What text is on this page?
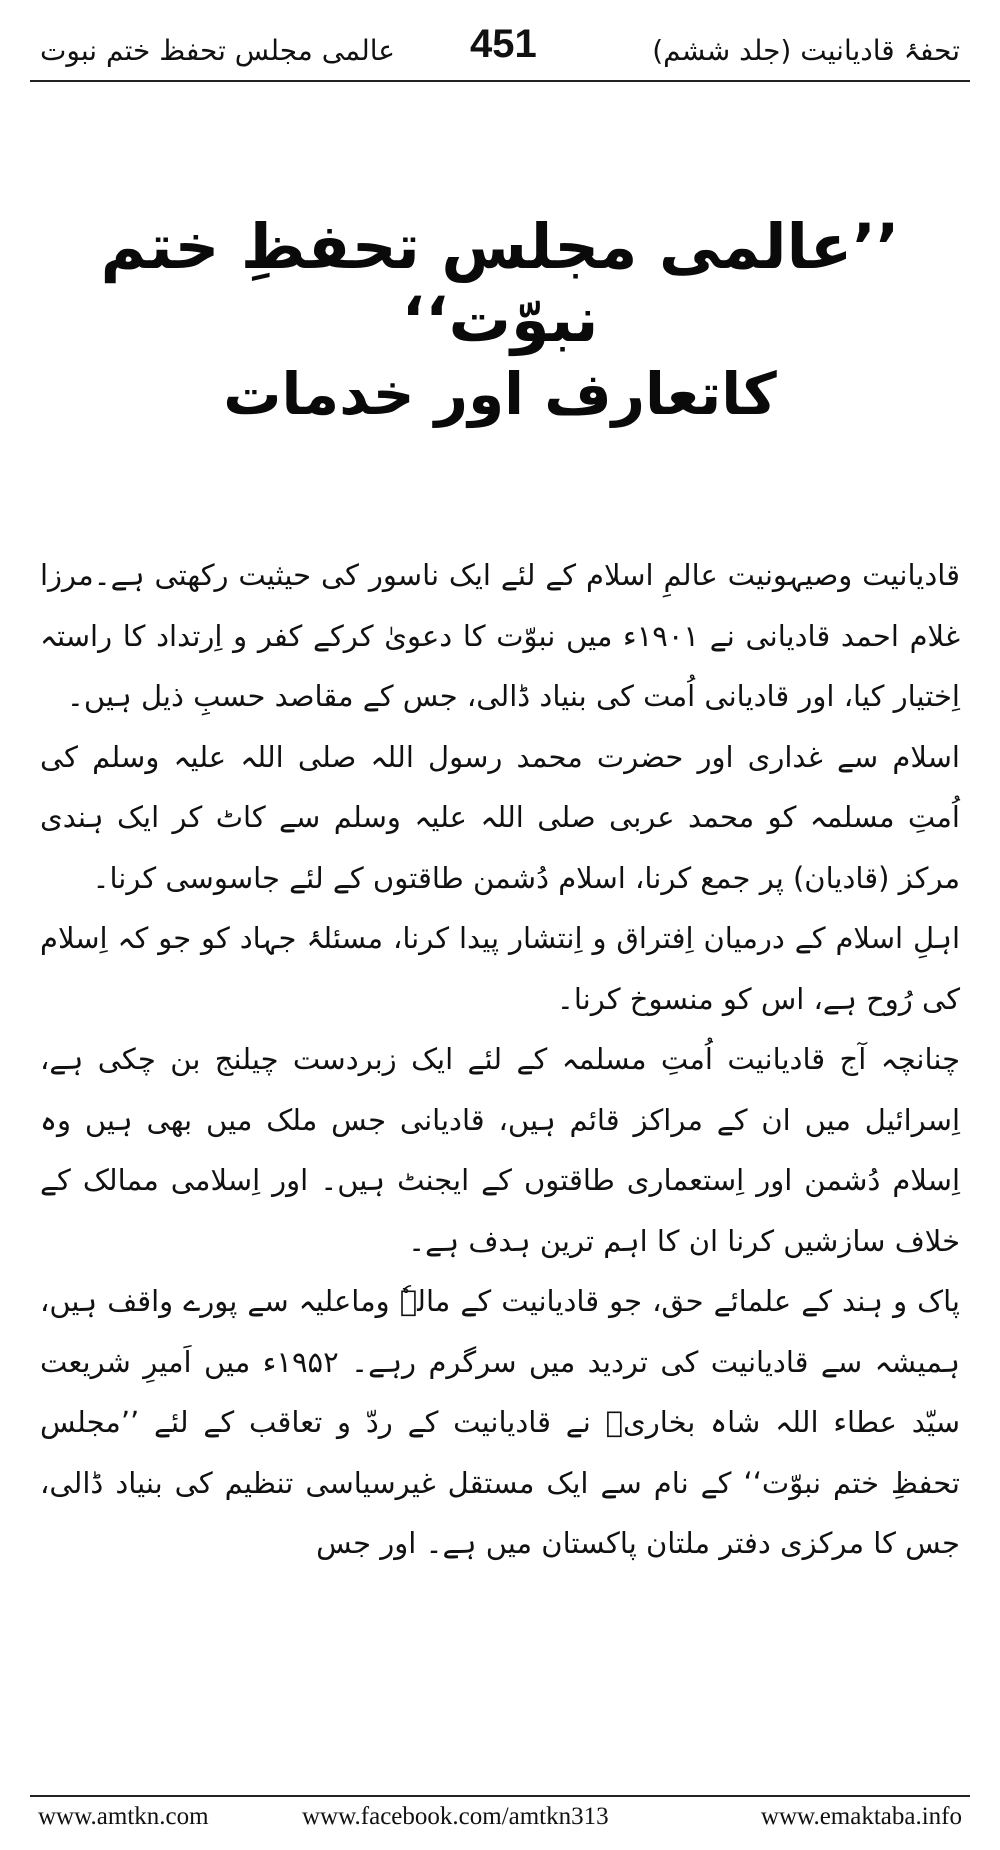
عالمی مجلس تحفظ ختم نبوت 451	تحفۂ قادیانیت (جلد ششم)
’’عالمی مجلس تحفظِ ختم نبوّت‘‘
کاتعارف اور خدمات

قادیانیت وصیہونیت عالمِ اسلام کے لئے ایک ناسور کی حیثیت رکھتی ہے۔مرزا غلام احمد قادیانی نے ۱۹۰۱ء میں نبوّت کا دعویٰ کرکے کفر و اِرتداد کا راستہ اِختیار کیا، اور قادیانی اُمت کی بنیاد ڈالی، جس کے مقاصد حسبِ ذیل ہیں۔

اسلام سے غداری اور حضرت محمد رسول اللہ صلی اللہ علیہ وسلم کی اُمتِ مسلمہ کو محمد عربی صلی اللہ علیہ وسلم سے کاٹ کر ایک ہندی مرکز (قادیان) پر جمع کرنا، اسلام دُشمن طاقتوں کے لئے جاسوسی کرنا۔

اہلِ اسلام کے درمیان اِفتراق و اِنتشار پیدا کرنا، مسئلۂ جہاد کو جو کہ اِسلام کی رُوح ہے، اس کو منسوخ کرنا۔

چنانچہ آج قادیانیت اُمتِ مسلمہ کے لئے ایک زبردست چیلنج بن چکی ہے، اِسرائیل میں ان کے مراکز قائم ہیں، قادیانی جس ملک میں بھی ہیں وہ اِسلام دُشمن اور اِستعماری طاقتوں کے ایجنٹ ہیں۔ اور اِسلامی ممالک کے خلاف سازشیں کرنا ان کا اہم ترین ہدف ہے۔

پاک و ہند کے علمائے حق، جو قادیانیت کے مالہٗ وماعلیہ سے پورے واقف ہیں، ہمیشہ سے قادیانیت کی تردید میں سرگرم رہے۔ ۱۹۵۲ء میں اَمیرِ شریعت سیّد عطاء اللہ شاہ بخاریؒ نے قادیانیت کے ردّ و تعاقب کے لئے ’’مجلس تحفظِ ختم نبوّت‘‘ کے نام سے ایک مستقل غیرسیاسی تنظیم کی بنیاد ڈالی، جس کا مرکزی دفتر ملتان پاکستان میں ہے۔ اور جس

www.amtkn.com	www.facebook.com/amtkn313	www.emaktaba.info
